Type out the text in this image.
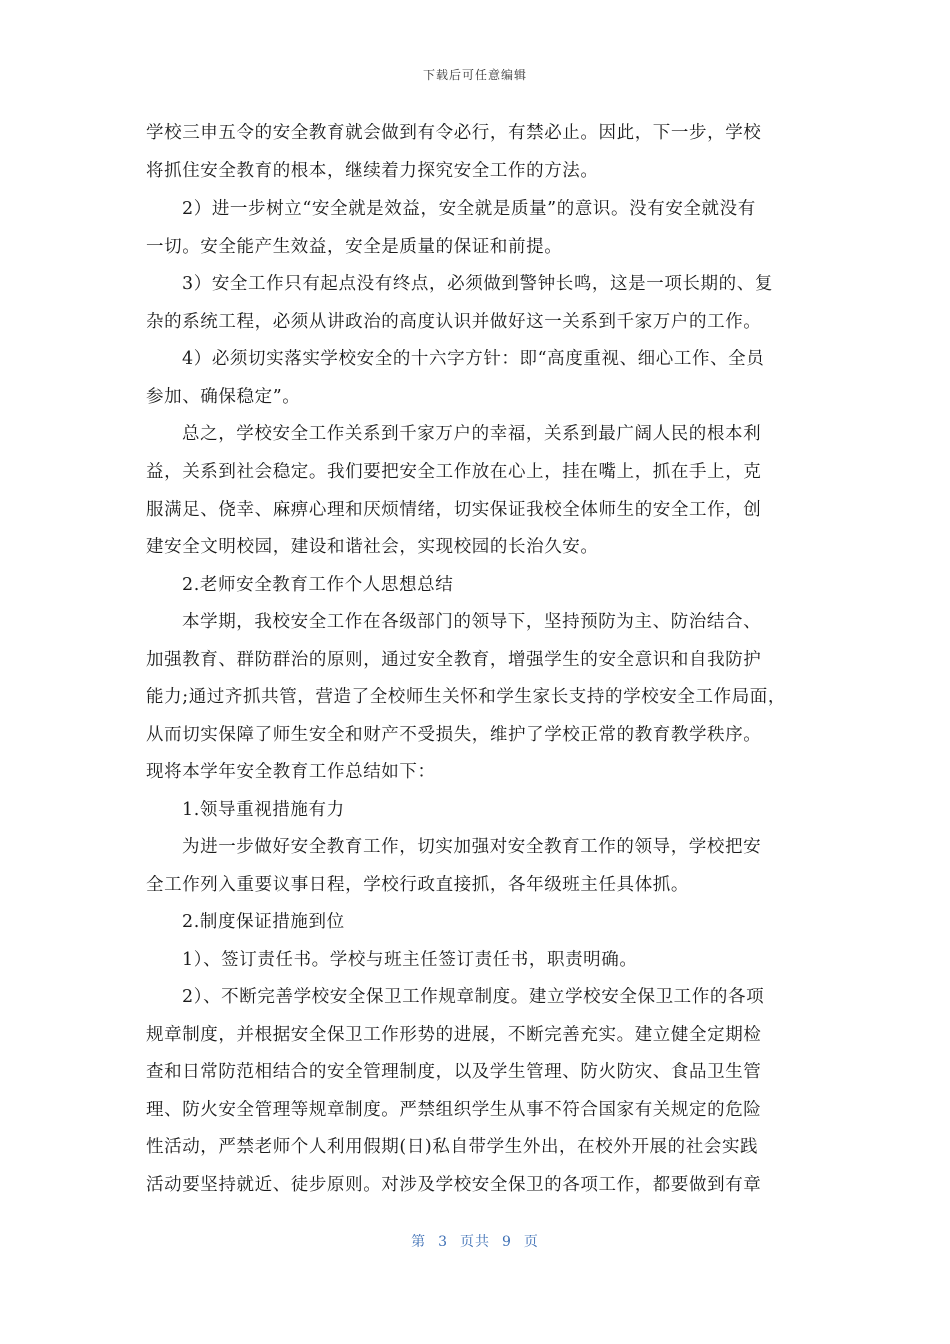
下载后可任意编辑
学校三申五令的安全教育就会做到有令必行，有禁必止。因此，下一步，学校
将抓住安全教育的根本，继续着力探究安全工作的方法。
2）进一步树立“安全就是效益，安全就是质量”的意识。没有安全就没有
一切。安全能产生效益，安全是质量的保证和前提。
3）安全工作只有起点没有终点，必须做到警钟长鸣，这是一项长期的、复
杂的系统工程，必须从讲政治的高度认识并做好这一关系到千家万户的工作。
4）必须切实落实学校安全的十六字方针：即“高度重视、细心工作、全员
参加、确保稳定”。
总之，学校安全工作关系到千家万户的幸福，关系到最广阔人民的根本利
益，关系到社会稳定。我们要把安全工作放在心上，挂在嘴上，抓在手上，克
服满足、侥幸、麻痹心理和厌烦情绪，切实保证我校全体师生的安全工作，创
建安全文明校园，建设和谐社会，实现校园的长治久安。
2.老师安全教育工作个人思想总结
本学期，我校安全工作在各级部门的领导下，坚持预防为主、防治结合、
加强教育、群防群治的原则，通过安全教育，增强学生的安全意识和自我防护
能力;通过齐抓共管，营造了全校师生关怀和学生家长支持的学校安全工作局面，
从而切实保障了师生安全和财产不受损失，维护了学校正常的教育教学秩序。
现将本学年安全教育工作总结如下：
1.领导重视措施有力
为进一步做好安全教育工作，切实加强对安全教育工作的领导，学校把安
全工作列入重要议事日程，学校行政直接抓，各年级班主任具体抓。
2.制度保证措施到位
1）、签订责任书。学校与班主任签订责任书，职责明确。
2）、不断完善学校安全保卫工作规章制度。建立学校安全保卫工作的各项
规章制度，并根据安全保卫工作形势的进展，不断完善充实。建立健全定期检
查和日常防范相结合的安全管理制度，以及学生管理、防火防灾、食品卫生管
理、防火安全管理等规章制度。严禁组织学生从事不符合国家有关规定的危险
性活动，严禁老师个人利用假期(日)私自带学生外出，在校外开展的社会实践
活动要坚持就近、徒步原则。对涉及学校安全保卫的各项工作，都要做到有章
第 3 页共 9 页
